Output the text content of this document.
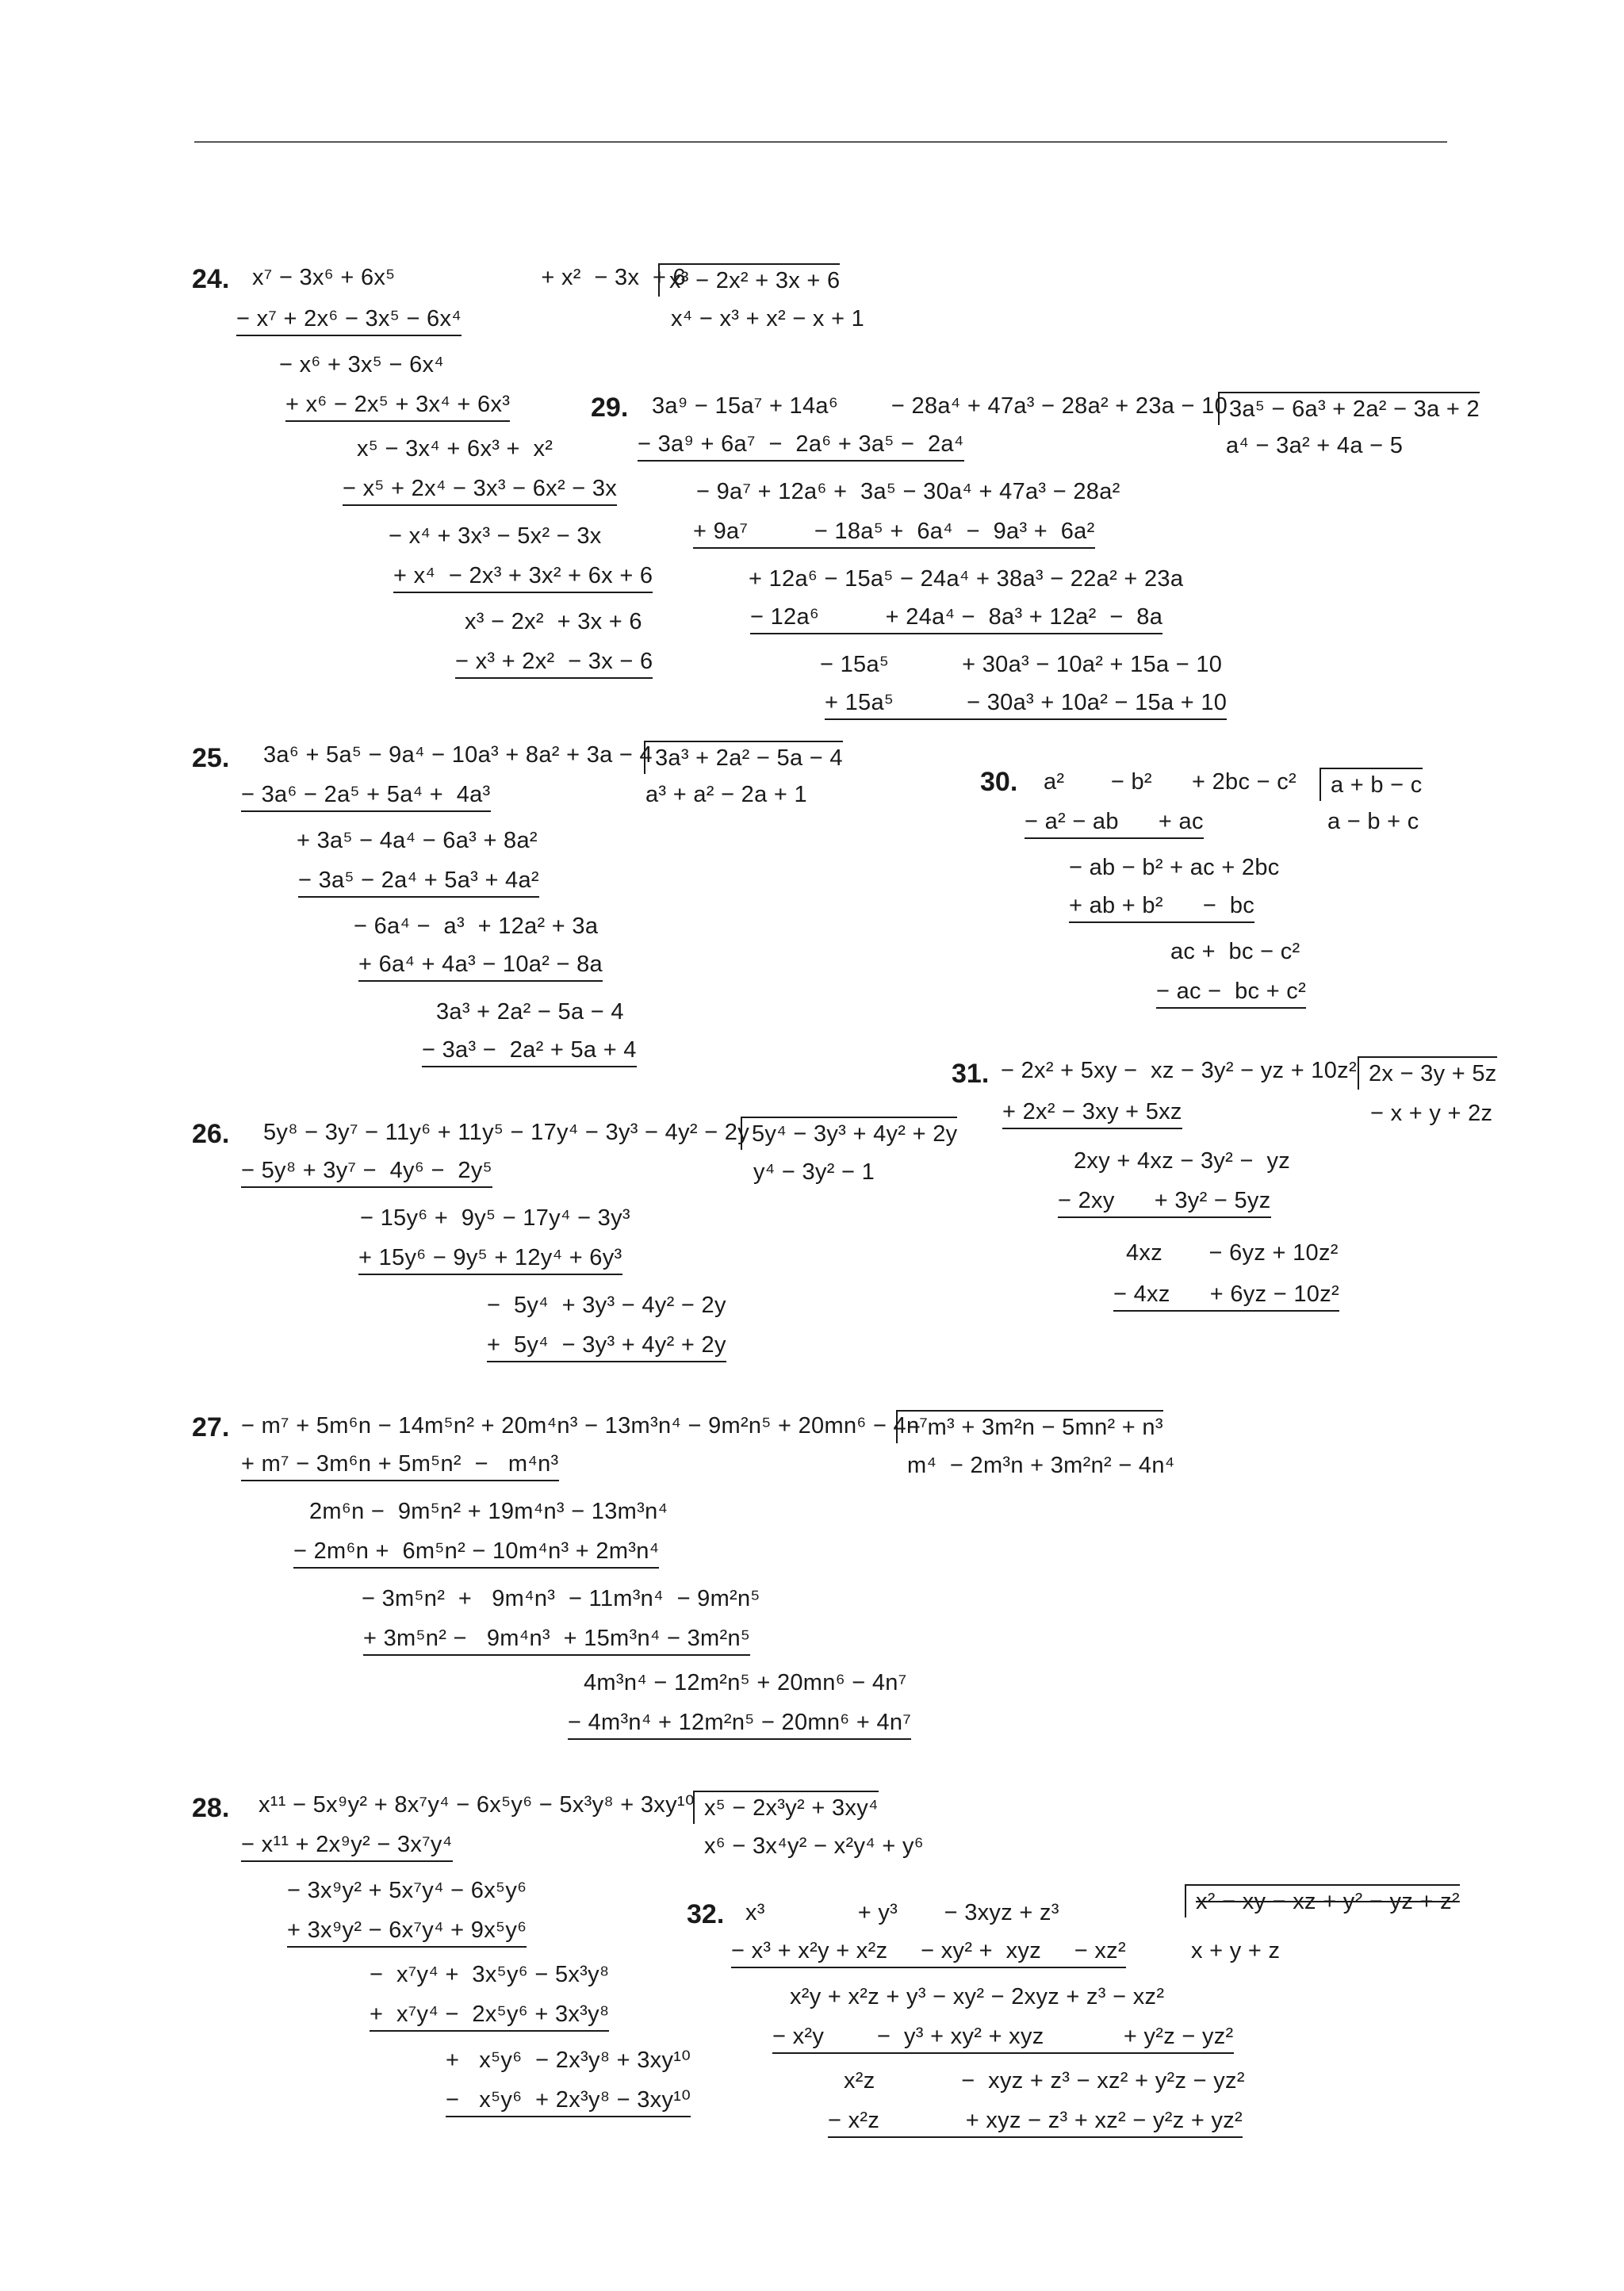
24. x⁷ − 3x⁶ + 6x⁵                      + x²  − 3x  + 6
x³ − 2x² + 3x + 6
x⁴ − x³ + x² − x + 1
− x⁷ + 2x⁶ − 3x⁵ − 6x⁴
− x⁶ + 3x⁵ − 6x⁴
+ x⁶ − 2x⁵ + 3x⁴ + 6x³
x⁵ − 3x⁴ + 6x³ +  x²
− x⁵ + 2x⁴ − 3x³ − 6x² − 3x
− x⁴ + 3x³ − 5x² − 3x
+ x⁴  − 2x³ + 3x² + 6x + 6
x³ − 2x²  + 3x + 6
− x³ + 2x²  − 3x − 6
29. 3a⁹ − 15a⁷ + 14a⁶        − 28a⁴ + 47a³ − 28a² + 23a − 10 3a⁵ − 6a³ + 2a² − 3a + 2
a⁴ − 3a² + 4a − 5
− 3a⁹ + 6a⁷  −  2a⁶ + 3a⁵ −  2a⁴
− 9a⁷ + 12a⁶ +  3a⁵ − 30a⁴ + 47a³ − 28a²
+ 9a⁷          − 18a⁵ +  6a⁴  −  9a³ +  6a²
+ 12a⁶ − 15a⁵ − 24a⁴ + 38a³ − 22a² + 23a
− 12a⁶          + 24a⁴ −  8a³ + 12a²  −  8a
− 15a⁵           + 30a³ − 10a² + 15a − 10
+ 15a⁵           − 30a³ + 10a² − 15a + 10
25. 3a⁶ + 5a⁵ − 9a⁴ − 10a³ + 8a² + 3a − 4 3a³ + 2a² − 5a − 4
a³ + a² − 2a + 1
− 3a⁶ − 2a⁵ + 5a⁴ +  4a³
+ 3a⁵ − 4a⁴ − 6a³ + 8a²
− 3a⁵ − 2a⁴ + 5a³ + 4a²
− 6a⁴ −  a³  + 12a² + 3a
+ 6a⁴ + 4a³ − 10a² − 8a
3a³ + 2a² − 5a − 4
− 3a³ −  2a² + 5a + 4
30. a²       − b²      + 2bc − c²	a + b − c
a − b + c
− a² − ab      + ac
− ab − b² + ac + 2bc
+ ab + b²      −  bc
ac +  bc − c²
− ac −  bc + c²
31. − 2x² + 5xy −  xz − 3y² − yz + 10z² 2x − 3y + 5z
− x + y + 2z
+ 2x² − 3xy + 5xz
2xy + 4xz − 3y² −  yz
− 2xy      + 3y² − 5yz
4xz       − 6yz + 10z²
− 4xz      + 6yz − 10z²
26. 5y⁸ − 3y⁷ − 11y⁶ + 11y⁵ − 17y⁴ − 3y³ − 4y² − 2y 5y⁴ − 3y³ + 4y² + 2y
y⁴ − 3y² − 1
− 5y⁸ + 3y⁷ −  4y⁶ −  2y⁵
− 15y⁶ +  9y⁵ − 17y⁴ − 3y³
+ 15y⁶ − 9y⁵ + 12y⁴ + 6y³
−  5y⁴  + 3y³ − 4y² − 2y
+  5y⁴  − 3y³ + 4y² + 2y
27. − m⁷ + 5m⁶n − 14m⁵n² + 20m⁴n³ − 13m³n⁴ − 9m²n⁵ + 20mn⁶ − 4n⁷
− m³ + 3m²n − 5mn² + n³
m⁴  − 2m³n + 3m²n² − 4n⁴
+ m⁷ − 3m⁶n + 5m⁵n²  −   m⁴n³
2m⁶n −  9m⁵n² + 19m⁴n³ − 13m³n⁴
− 2m⁶n +  6m⁵n² − 10m⁴n³ + 2m³n⁴
− 3m⁵n²  +   9m⁴n³  − 11m³n⁴  − 9m²n⁵
+ 3m⁵n² −   9m⁴n³  + 15m³n⁴ − 3m²n⁵
4m³n⁴ − 12m²n⁵ + 20mn⁶ − 4n⁷
− 4m³n⁴ + 12m²n⁵ − 20mn⁶ + 4n⁷
28. x¹¹ − 5x⁹y² + 8x⁷y⁴ − 6x⁵y⁶ − 5x³y⁸ + 3xy¹⁰ x⁵ − 2x³y² + 3xy⁴
x⁶ − 3x⁴y² − x²y⁴ + y⁶
− x¹¹ + 2x⁹y² − 3x⁷y⁴
− 3x⁹y² + 5x⁷y⁴ − 6x⁵y⁶
+ 3x⁹y² − 6x⁷y⁴ + 9x⁵y⁶
−  x⁷y⁴ +  3x⁵y⁶ − 5x³y⁸
+  x⁷y⁴ −  2x⁵y⁶ + 3x³y⁸
+   x⁵y⁶  − 2x³y⁸ + 3xy¹⁰
−   x⁵y⁶  + 2x³y⁸ − 3xy¹⁰
32. x³              + y³       − 3xyz + z³	x² − xy − xz + y² − yz + z²
x + y + z
− x³ + x²y + x²z     − xy² +  xyz     − xz²
x²y + x²z + y³ − xy² − 2xyz + z³ − xz²
− x²y        −  y³ + xy² + xyz            + y²z − yz²
x²z             −  xyz + z³ − xz² + y²z − yz²
− x²z             + xyz − z³ + xz² − y²z + yz²
